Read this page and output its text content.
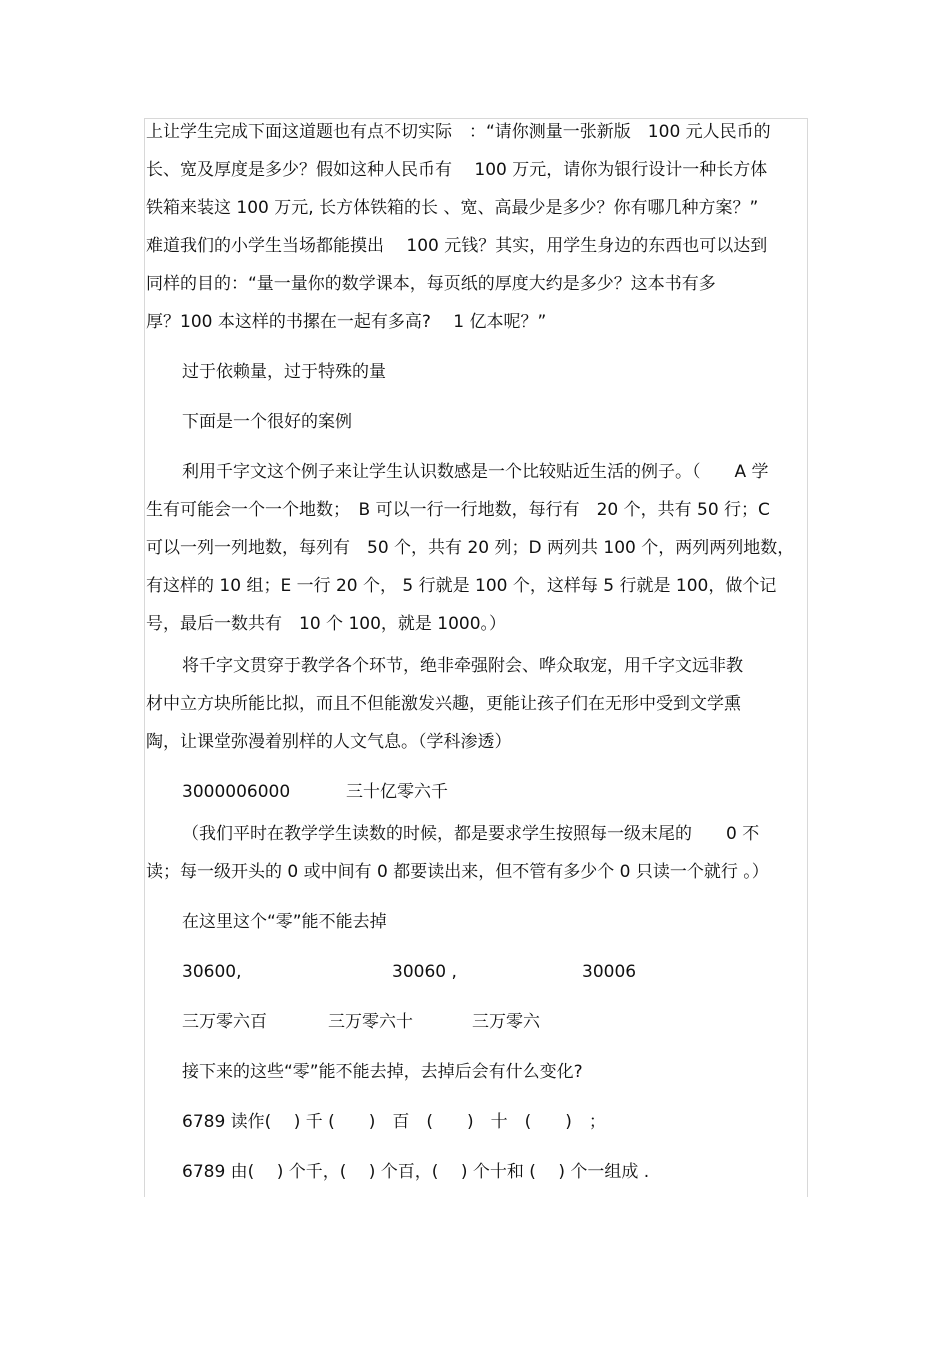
上让学生完成下面这道题也有点不切实际　：“请你测量一张新版　100 元人民币的
长、宽及厚度是多少？假如这种人民币有　 100 万元，请你为银行设计一种长方体
铁箱来装这 100 万元, 长方体铁箱的长 、宽、高最少是多少？你有哪几种方案？”
难道我们的小学生当场都能摸出　 100 元钱？其实，用学生身边的东西也可以达到
同样的目的：“量一量你的数学课本，每页纸的厚度大约是多少？这本书有多
厚？100 本这样的书摞在一起有多高?　 1 亿本呢？”
过于依赖量，过于特殊的量
下面是一个很好的案例
利用千字文这个例子来让学生认识数感是一个比较贴近生活的例子。（　　A 学
生有可能会一个一个地数；　B 可以一行一行地数，每行有　20 个，共有 50 行；C
可以一列一列地数，每列有　50 个，共有 20 列；D 两列共 100 个，两列两列地数，
有这样的 10 组；E 一行 20 个， 5 行就是 100 个，这样每 5 行就是 100，做个记
号，最后一数共有　10 个 100，就是 1000。）
将千字文贯穿于教学各个环节，绝非牵强附会、哗众取宠，用千字文远非教
材中立方块所能比拟，而且不但能激发兴趣，更能让孩子们在无形中受到文学熏
陶，让课堂弥漫着别样的人文气息。（学科渗透）
3000006000	三十亿零六千
（我们平时在教学学生读数的时候，都是要求学生按照每一级末尾的　　0 不
读；每一级开头的 0 或中间有 0 都要读出来，但不管有多少个 0 只读一个就行 。）
在这里这个“零”能不能去掉
30600,	30060 ,	30006
三万零六百	三万零六十	三万零六
接下来的这些“零”能不能去掉，去掉后会有什么变化?
6789 读作(　 ) 千 (　　)　百　(　　)　十　(　　)　；
6789 由(　 ) 个千，(　 ) 个百，(　 ) 个十和 (　 ) 个一组成 .
